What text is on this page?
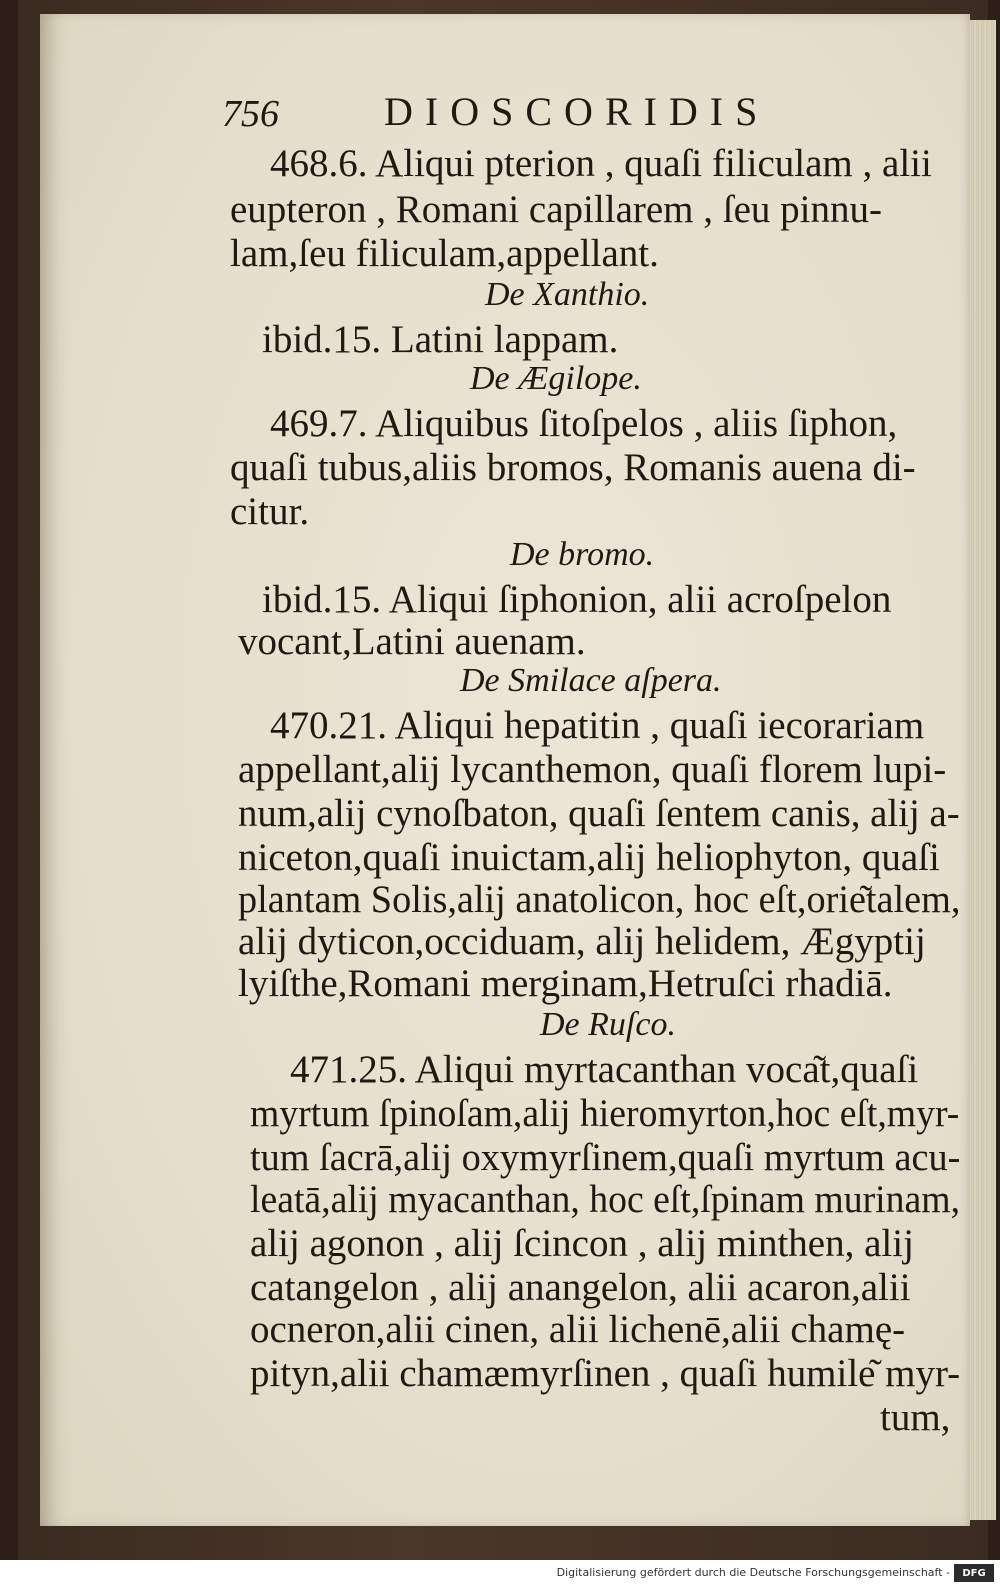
756	DIOSCORIDIS
468.6. Aliqui pterion , quaſi filiculam , alii
eupteron , Romani capillarem , ſeu pinnu-
lam,ſeu filiculam,appellant.
De Xanthio.
ibid.15. Latini lappam.
De Ægilope.
469.7. Aliquibus ſitoſpelos , aliis ſiphon,
quaſi tubus,aliis bromos, Romanis auena di-
citur.
De bromo.
ibid.15. Aliqui ſiphonion, alii acroſpelon
vocant,Latini auenam.
De Smilace aſpera.
470.21. Aliqui hepatitin , quaſi iecorariam
appellant,alij lycanthemon, quaſi florem lupi-
num,alij cynoſbaton, quaſi ſentem canis, alij a-
niceton,quaſi inuictam,alij heliophyton, quaſi
plantam Solis,alij anatolicon, hoc eſt,orie͂talem,
alij dyticon,occiduam, alij helidem, Ægyptij
lyiſthe,Romani merginam,Hetruſci rhadiā.
De Ruſco.
471.25. Aliqui myrtacanthan voca͂t,quaſi
myrtum ſpinoſam,alij hieromyrton,hoc eſt,myr-
tum ſacrā,alij oxymyrſinem,quaſi myrtum acu-
leatā,alij myacanthan, hoc eſt,ſpinam murinam,
alij agonon , alij ſcincon , alij minthen, alij
catangelon , alij anangelon, alii acaron,alii
ocneron,alii cinen, alii lichenē,alii chamę-
pityn,alii chamæmyrſinen , quaſi humile͂ myr-
tum,
Digitalisierung gefördert durch die Deutsche Forschungsgemeinschaft -	DFG
